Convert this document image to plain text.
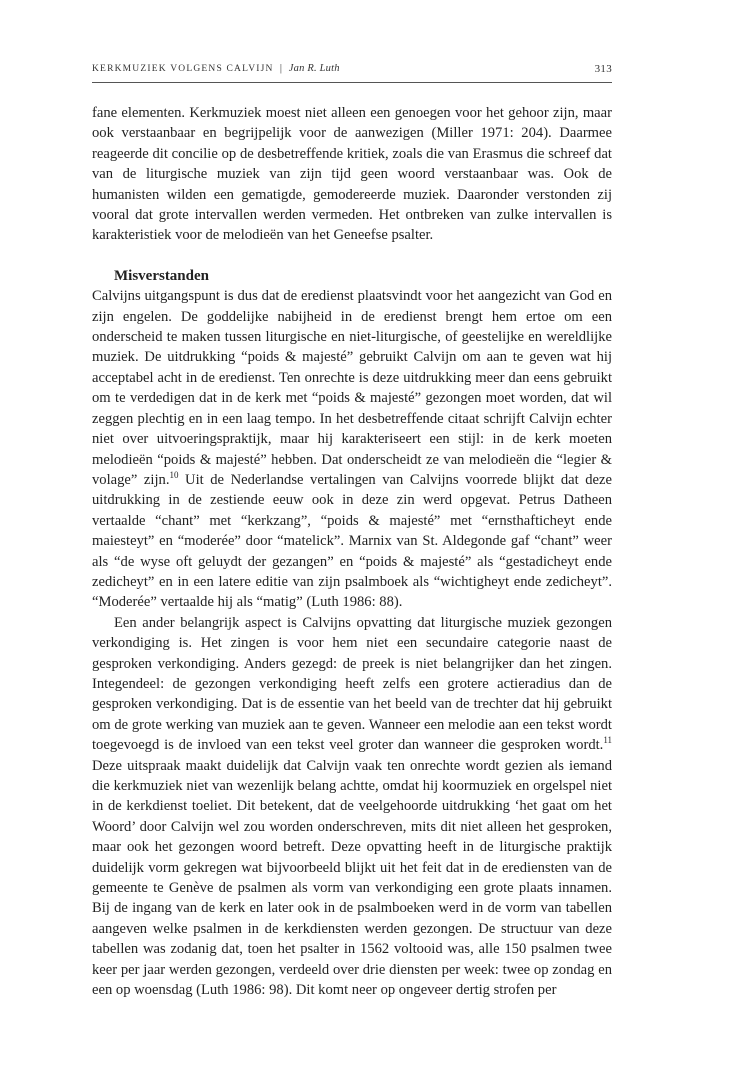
KERKMUZIEK VOLGENS CALVIJN | Jan R. Luth	313

fane elementen. Kerkmuziek moest niet alleen een genoegen voor het gehoor zijn, maar ook verstaanbaar en begrijpelijk voor de aanwezigen (Miller 1971: 204). Daarmee reageerde dit concilie op de desbetreffende kritiek, zoals die van Erasmus die schreef dat van de liturgische muziek van zijn tijd geen woord verstaanbaar was. Ook de humanisten wilden een gematigde, gemodereerde muziek. Daaronder verstonden zij vooral dat grote intervallen werden vermeden. Het ontbreken van zulke intervallen is karakteristiek voor de melodieën van het Geneefse psalter.

Misverstanden

Calvijns uitgangspunt is dus dat de eredienst plaatsvindt voor het aangezicht van God en zijn engelen. De goddelijke nabijheid in de eredienst brengt hem ertoe om een onderscheid te maken tussen liturgische en niet-liturgische, of geestelijke en wereldlijke muziek. De uitdrukking “poids & majesté” gebruikt Calvijn om aan te geven wat hij acceptabel acht in de eredienst. Ten onrechte is deze uitdrukking meer dan eens gebruikt om te verdedigen dat in de kerk met “poids & majesté” gezongen moet worden, dat wil zeggen plechtig en in een laag tempo. In het desbetreffende citaat schrijft Calvijn echter niet over uitvoeringspraktijk, maar hij karakteriseert een stijl: in de kerk moeten melodieën “poids & majesté” hebben. Dat onderscheidt ze van melodieën die “legier & volage” zijn.$^{10}$ Uit de Nederlandse vertalingen van Calvijns voorrede blijkt dat deze uitdrukking in de zestiende eeuw ook in deze zin werd opgevat. Petrus Datheen vertaalde “chant” met “kerkzang”, “poids & majesté” met “ernsthafticheyt ende maiesteyt” en “moderée” door “matelick”. Marnix van St. Aldegonde gaf “chant” weer als “de wyse oft geluydt der gezangen” en “poids & majesté” als “gestadicheyt ende zedicheyt” en in een latere editie van zijn psalmboek als “wichtigheyt ende zedicheyt”. “Moderée” vertaalde hij als “matig” (Luth 1986: 88).

Een ander belangrijk aspect is Calvijns opvatting dat liturgische muziek gezongen verkondiging is. Het zingen is voor hem niet een secundaire categorie naast de gesproken verkondiging. Anders gezegd: de preek is niet belangrijker dan het zingen. Integendeel: de gezongen verkondiging heeft zelfs een grotere actieradius dan de gesproken verkondiging. Dat is de essentie van het beeld van de trechter dat hij gebruikt om de grote werking van muziek aan te geven. Wanneer een melodie aan een tekst wordt toegevoegd is de invloed van een tekst veel groter dan wanneer die gesproken wordt.$^{11}$ Deze uitspraak maakt duidelijk dat Calvijn vaak ten onrechte wordt gezien als iemand die kerkmuziek niet van wezenlijk belang achtte, omdat hij koormuziek en orgelspel niet in de kerkdienst toeliet. Dit betekent, dat de veelgehoorde uitdrukking ‘het gaat om het Woord’ door Calvijn wel zou worden onderschreven, mits dit niet alleen het gesproken, maar ook het gezongen woord betreft. Deze opvatting heeft in de liturgische praktijk duidelijk vorm gekregen wat bijvoorbeeld blijkt uit het feit dat in de erediensten van de gemeente te Genève de psalmen als vorm van verkondiging een grote plaats innamen. Bij de ingang van de kerk en later ook in de psalmboeken werd in de vorm van tabellen aangeven welke psalmen in de kerkdiensten werden gezongen. De structuur van deze tabellen was zodanig dat, toen het psalter in 1562 voltooid was, alle 150 psalmen twee keer per jaar werden gezongen, verdeeld over drie diensten per week: twee op zondag en een op woensdag (Luth 1986: 98). Dit komt neer op ongeveer dertig strofen per
